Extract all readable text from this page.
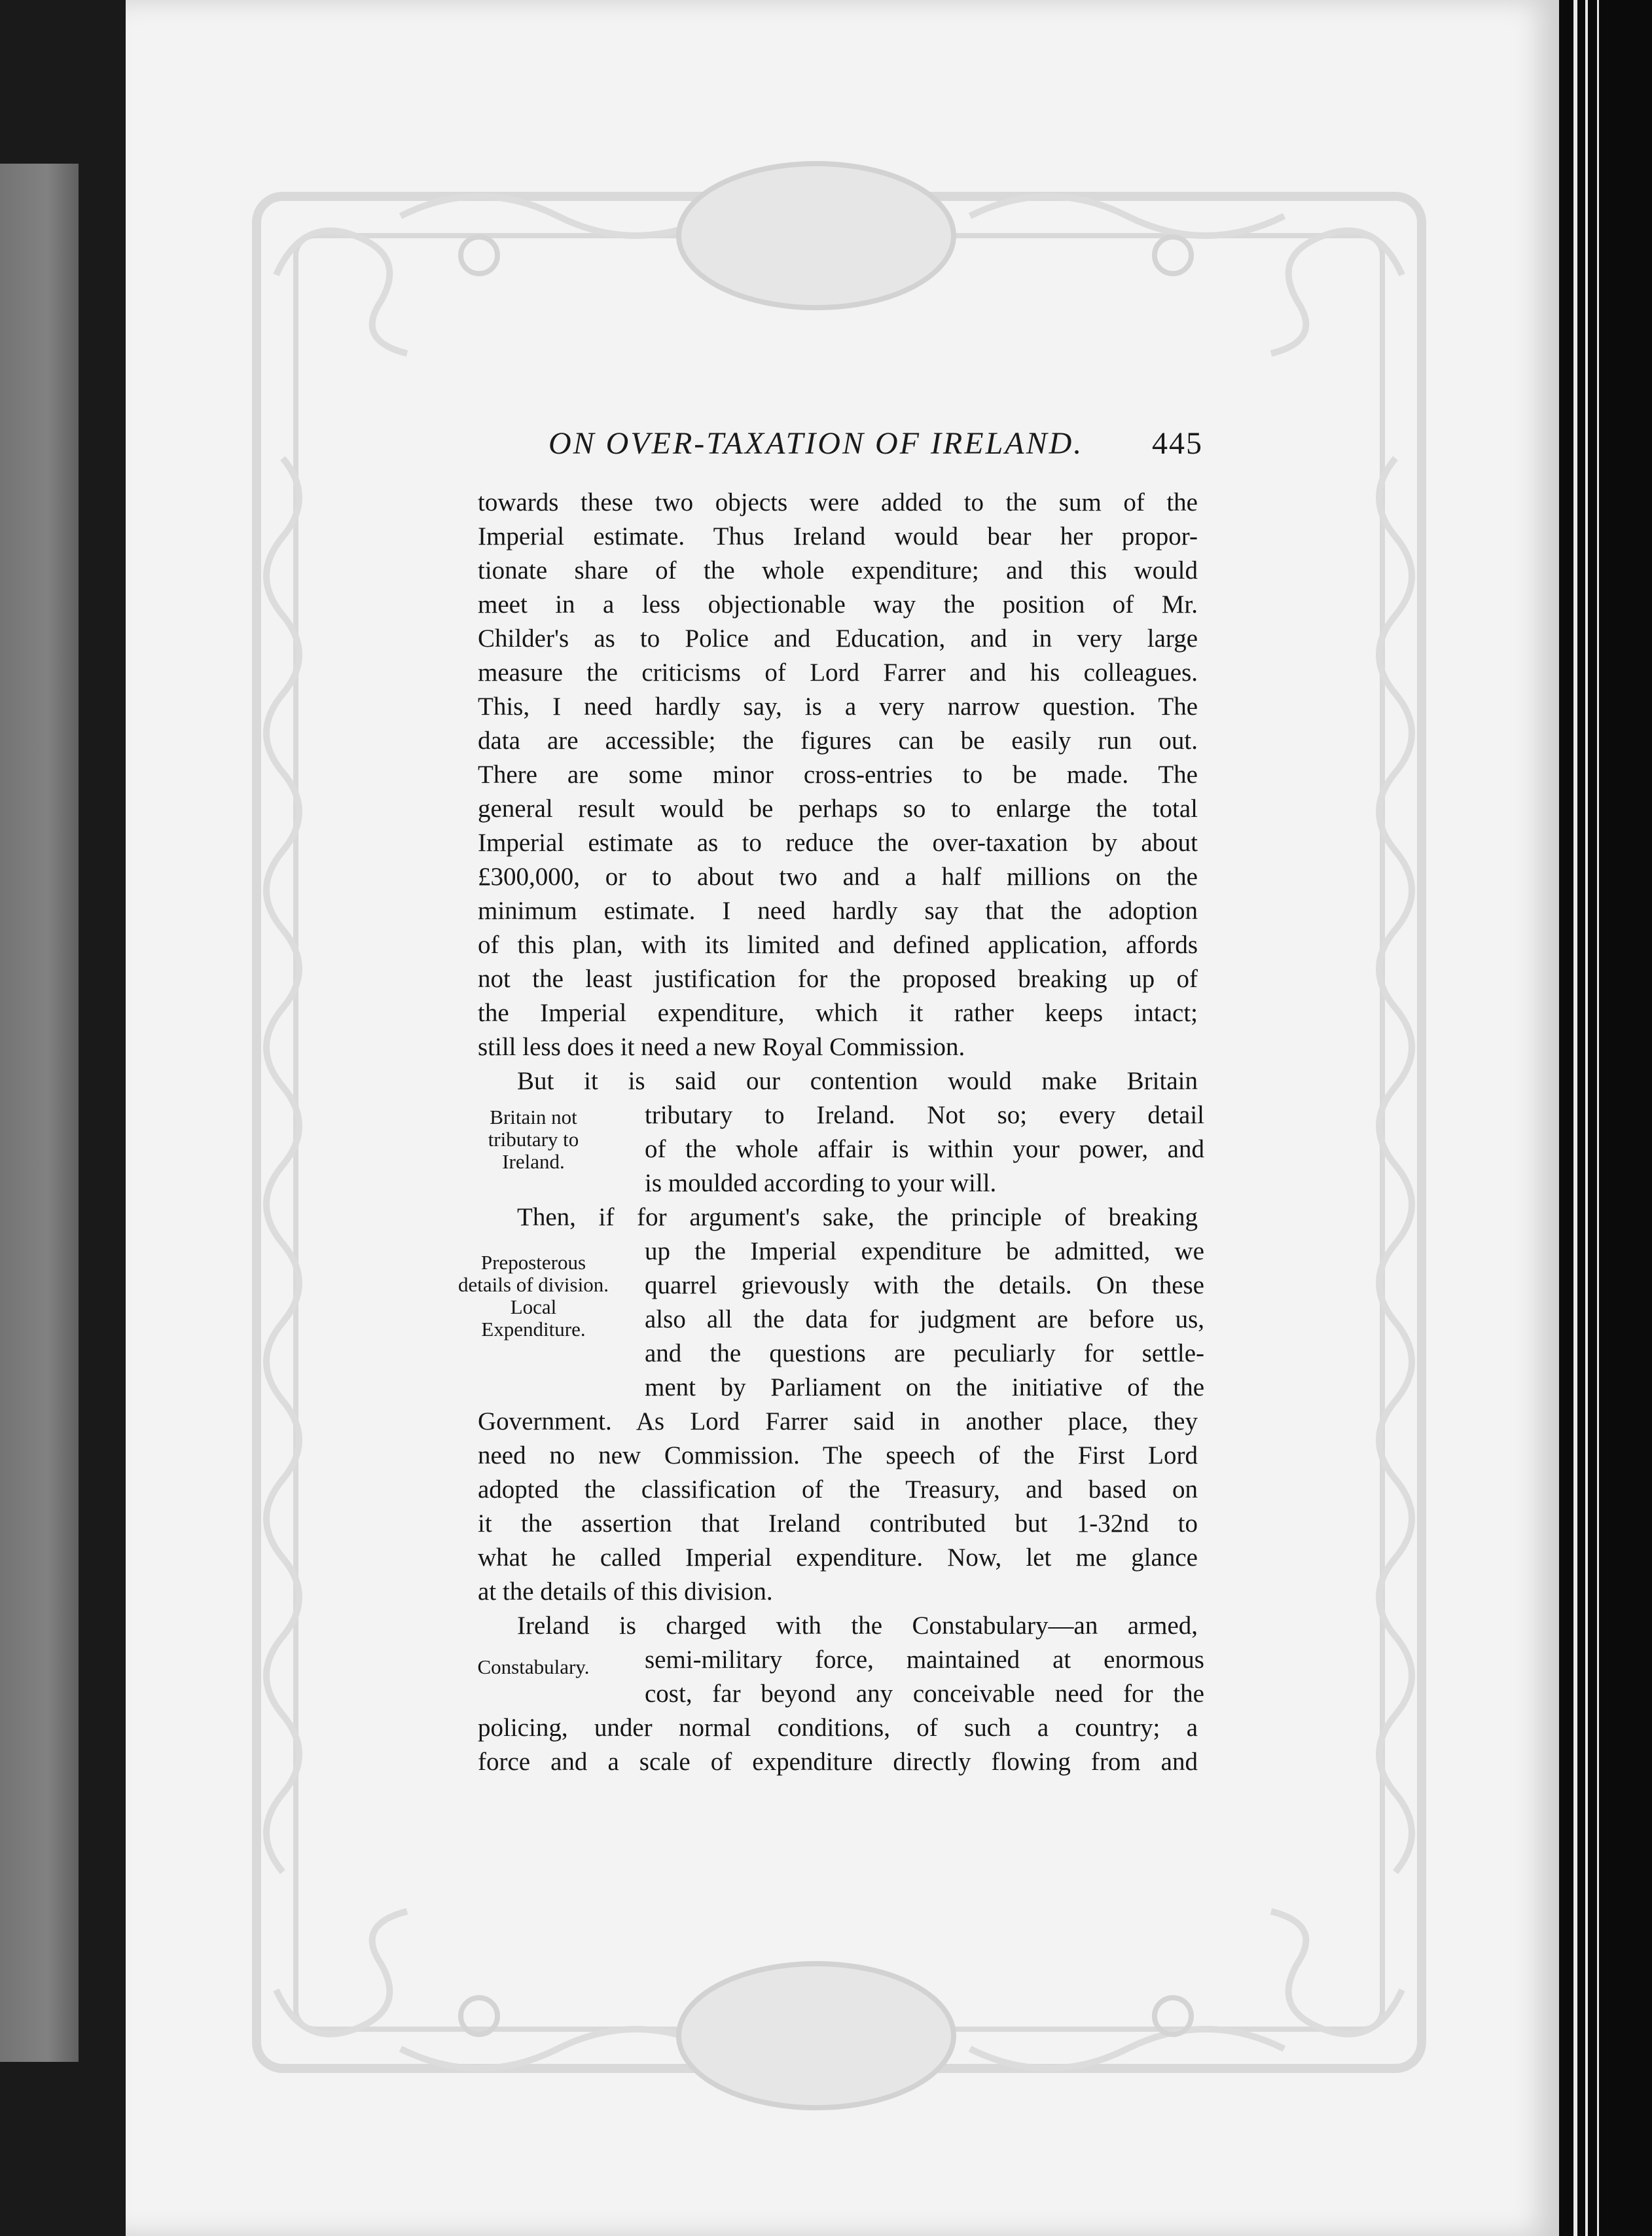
ON OVER-TAXATION OF IRELAND. 445
towards these two objects were added to the sum of the
Imperial estimate. Thus Ireland would bear her propor-
tionate share of the whole expenditure; and this would
meet in a less objectionable way the position of Mr.
Childer's as to Police and Education, and in very large
measure the criticisms of Lord Farrer and his colleagues.
This, I need hardly say, is a very narrow question. The
data are accessible; the figures can be easily run out.
There are some minor cross-entries to be made. The
general result would be perhaps so to enlarge the total
Imperial estimate as to reduce the over-taxation by about
£300,000, or to about two and a half millions on the
minimum estimate. I need hardly say that the adoption
of this plan, with its limited and defined application, affords
not the least justification for the proposed breaking up of
the Imperial expenditure, which it rather keeps intact;
still less does it need a new Royal Commission.
But it is said our contention would make Britain
tributary to Ireland. Not so; every detail
of the whole affair is within your power, and
is moulded according to your will.
Then, if for argument's sake, the principle of breaking
up the Imperial expenditure be admitted, we
quarrel grievously with the details. On these
also all the data for judgment are before us,
and the questions are peculiarly for settle-
ment by Parliament on the initiative of the
Government. As Lord Farrer said in another place, they
need no new Commission. The speech of the First Lord
adopted the classification of the Treasury, and based on
it the assertion that Ireland contributed but 1-32nd to
what he called Imperial expenditure. Now, let me glance
at the details of this division.
Ireland is charged with the Constabulary—an armed,
semi-military force, maintained at enormous
cost, far beyond any conceivable need for the
policing, under normal conditions, of such a country; a
force and a scale of expenditure directly flowing from and
Britain not tributary to Ireland.
Preposterous details of division. Local Expenditure.
Constabulary.
